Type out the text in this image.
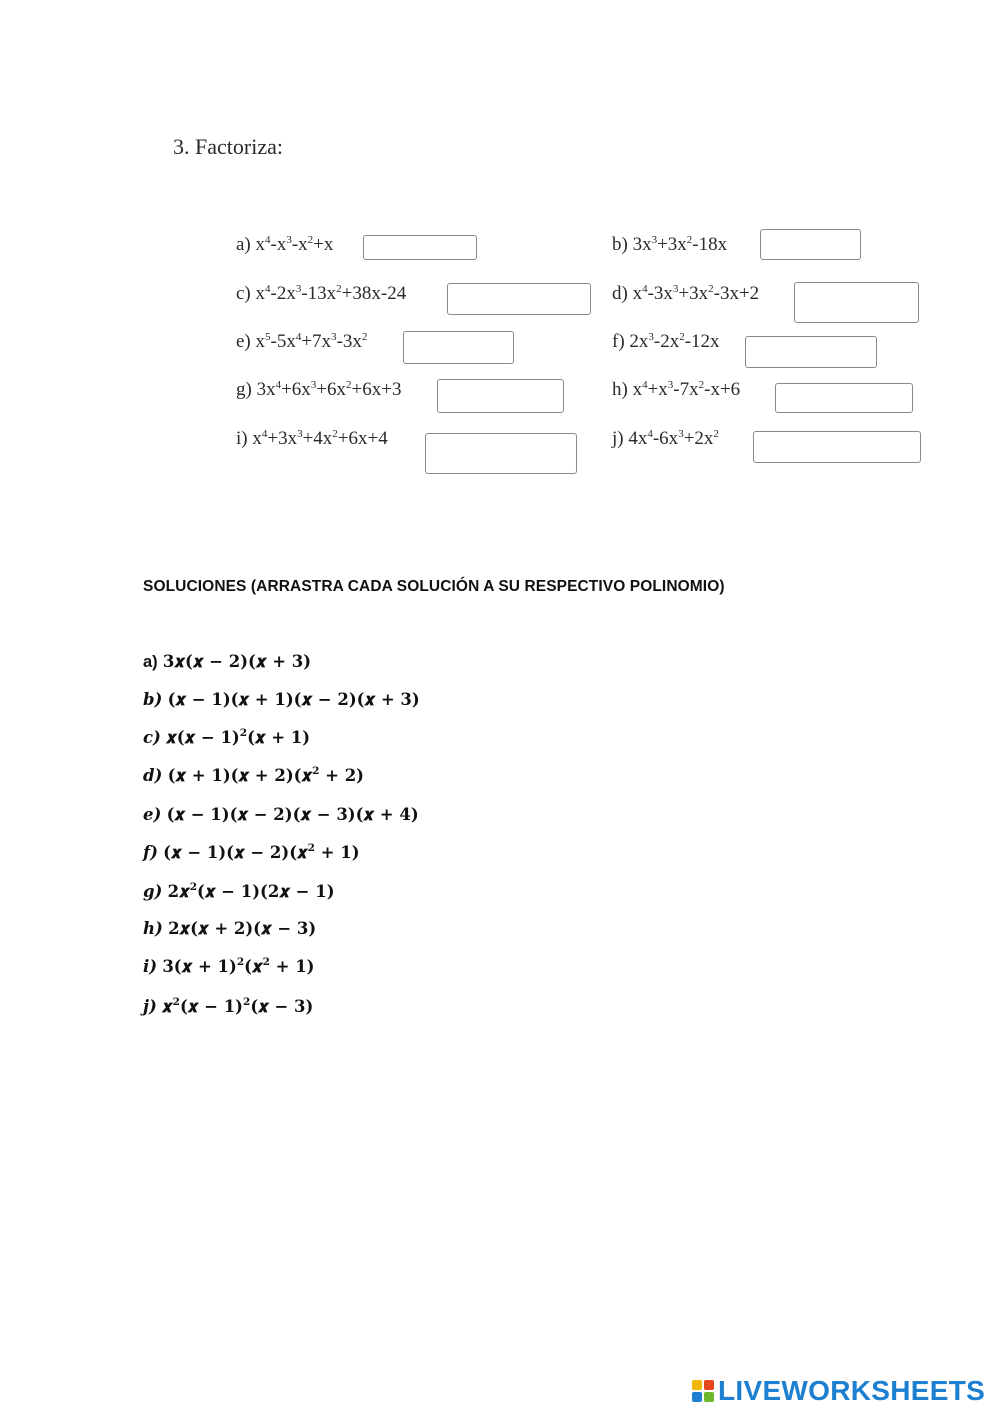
3. Factoriza:
a) $x^4-x^3-x^2+x$
c) $x^4-2x^3-13x^2+38x-24$
e) $x^5-5x^4+7x^3-3x^2$
g) $3x^4+6x^3+6x^2+6x+3$
i) $x^4+3x^3+4x^2+6x+4$
b) $3x^3+3x^2-18x$
d) $x^4-3x^3+3x^2-3x+2$
f) $2x^3-2x^2-12x$
h) $x^4+x^3-7x^2-x+6$
j) $4x^4-6x^3+2x^2$
SOLUCIONES (ARRASTRA CADA SOLUCIÓN A SU RESPECTIVO POLINOMIO)
a) 3𝒙(𝒙 − 𝟐)(𝒙 + 𝟑)
𝒃) (𝒙 − 𝟏)(𝒙 + 𝟏)(𝒙 − 𝟐)(𝒙 + 𝟑)
𝒄) 𝒙(𝒙 − 𝟏)$^𝟐$(𝒙 + 𝟏)
𝒅) (𝒙 + 𝟏)(𝒙 + 𝟐)(𝒙$^𝟐$ + 𝟐)
𝒆) (𝒙 − 𝟏)(𝒙 − 𝟐)(𝒙 − 𝟑)(𝒙 + 𝟒)
𝒇) (𝒙 − 𝟏)(𝒙 − 𝟐)(𝒙$^𝟐$ + 𝟏)
𝒈) 𝟐𝒙$^𝟐$(𝒙 − 𝟏)(𝟐𝒙 − 𝟏)
𝒉) 𝟐𝒙(𝒙 + 𝟐)(𝒙 − 𝟑)
𝒊) 𝟑(𝒙 + 𝟏)$^𝟐$(𝒙$^𝟐$ + 𝟏)
𝒋) 𝒙$^𝟐$(𝒙 − 𝟏)$^𝟐$(𝒙 − 𝟑)
LIVEWORKSHEETS
